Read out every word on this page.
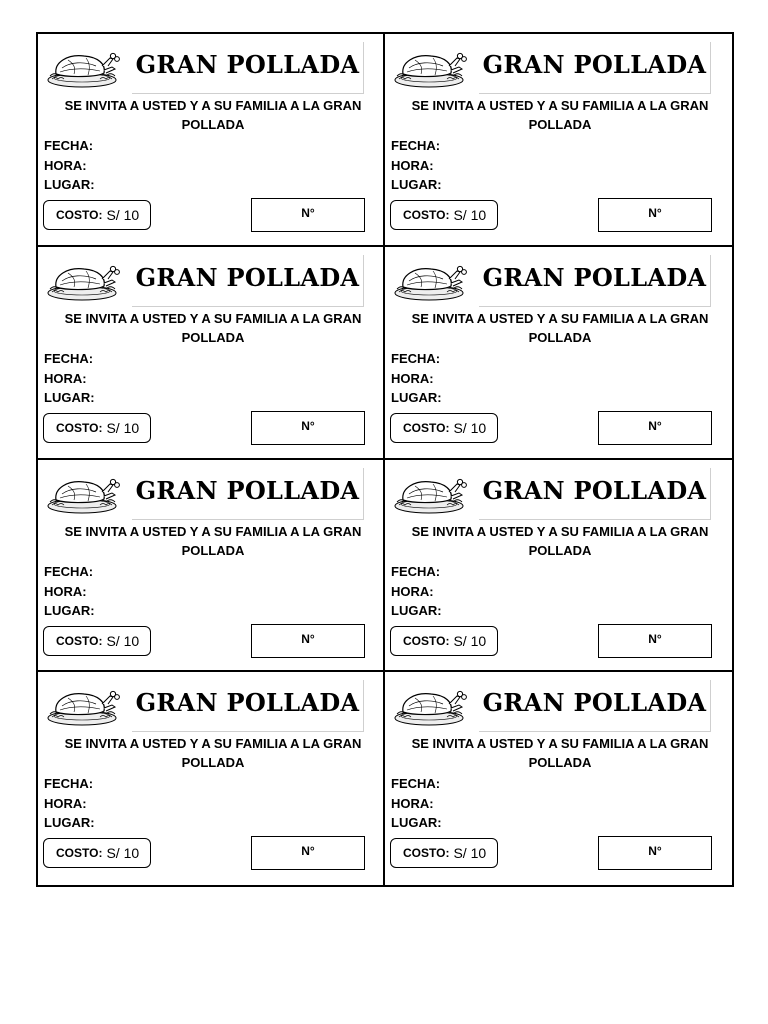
GRAN POLLADA
SE INVITA A USTED Y A SU FAMILIA A LA GRAN POLLADA
FECHA:
HORA:
LUGAR:
COSTO: S/ 10	N°
GRAN POLLADA
SE INVITA A USTED Y A SU FAMILIA A LA GRAN POLLADA
FECHA:
HORA:
LUGAR:
COSTO: S/ 10	N°
GRAN POLLADA
SE INVITA A USTED Y A SU FAMILIA A LA GRAN POLLADA
FECHA:
HORA:
LUGAR:
COSTO: S/ 10	N°
GRAN POLLADA
SE INVITA A USTED Y A SU FAMILIA A LA GRAN POLLADA
FECHA:
HORA:
LUGAR:
COSTO: S/ 10	N°
GRAN POLLADA
SE INVITA A USTED Y A SU FAMILIA A LA GRAN POLLADA
FECHA:
HORA:
LUGAR:
COSTO: S/ 10	N°
GRAN POLLADA
SE INVITA A USTED Y A SU FAMILIA A LA GRAN POLLADA
FECHA:
HORA:
LUGAR:
COSTO: S/ 10	N°
GRAN POLLADA
SE INVITA A USTED Y A SU FAMILIA A LA GRAN POLLADA
FECHA:
HORA:
LUGAR:
COSTO: S/ 10	N°
GRAN POLLADA
SE INVITA A USTED Y A SU FAMILIA A LA GRAN POLLADA
FECHA:
HORA:
LUGAR:
COSTO: S/ 10	N°
